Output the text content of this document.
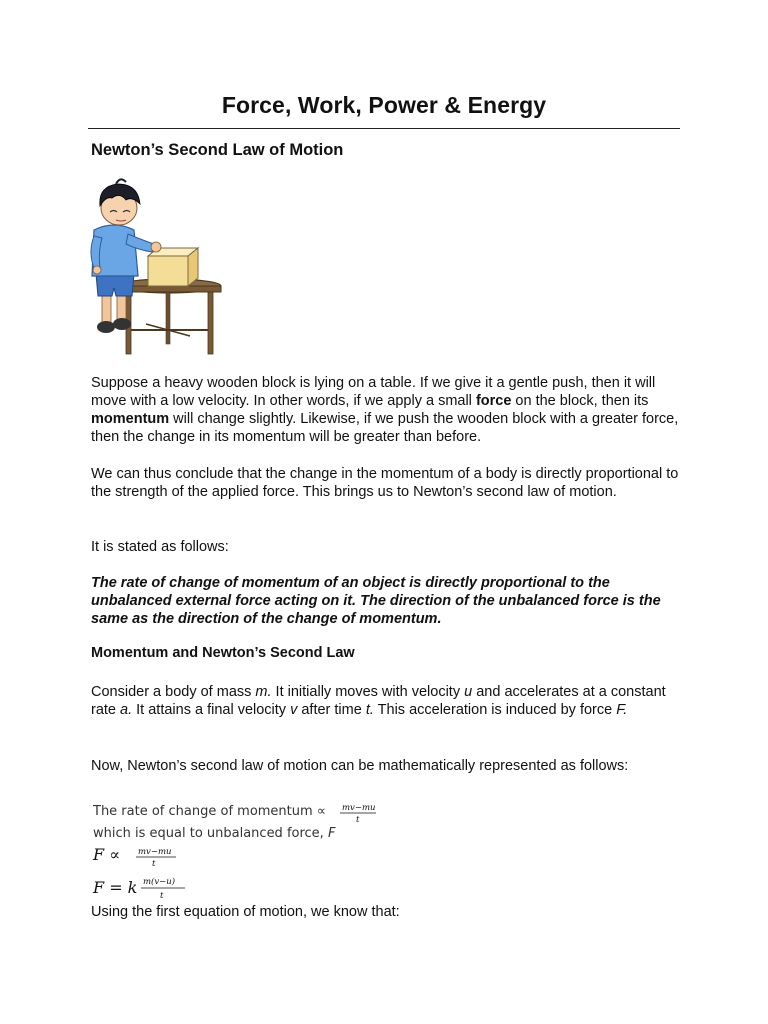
Force, Work, Power & Energy
Newton’s Second Law of Motion
Suppose a heavy wooden block is lying on a table. If we give it a gentle push, then it will move with a low velocity. In other words, if we apply a small force on the block, then its momentum will change slightly. Likewise, if we push the wooden block with a greater force, then the change in its momentum will be greater than before.
We can thus conclude that the change in the momentum of a body is directly proportional to the strength of the applied force. This brings us to Newton’s second law of motion.
It is stated as follows:
The rate of change of momentum of an object is directly proportional to the unbalanced external force acting on it. The direction of the unbalanced force is the same as the direction of the change of momentum.
Momentum and Newton’s Second Law
Consider a body of mass m. It initially moves with velocity u and accelerates at a constant rate a. It attains a final velocity v after time t. This acceleration is induced by force F.
Now, Newton’s second law of motion can be mathematically represented as follows:
The rate of change of momentum ∝ mv−mu
t
which is equal to unbalanced force, F
F ∝ mv−mu
t
F = k m(v−u)
t
Using the first equation of motion, we know that:
